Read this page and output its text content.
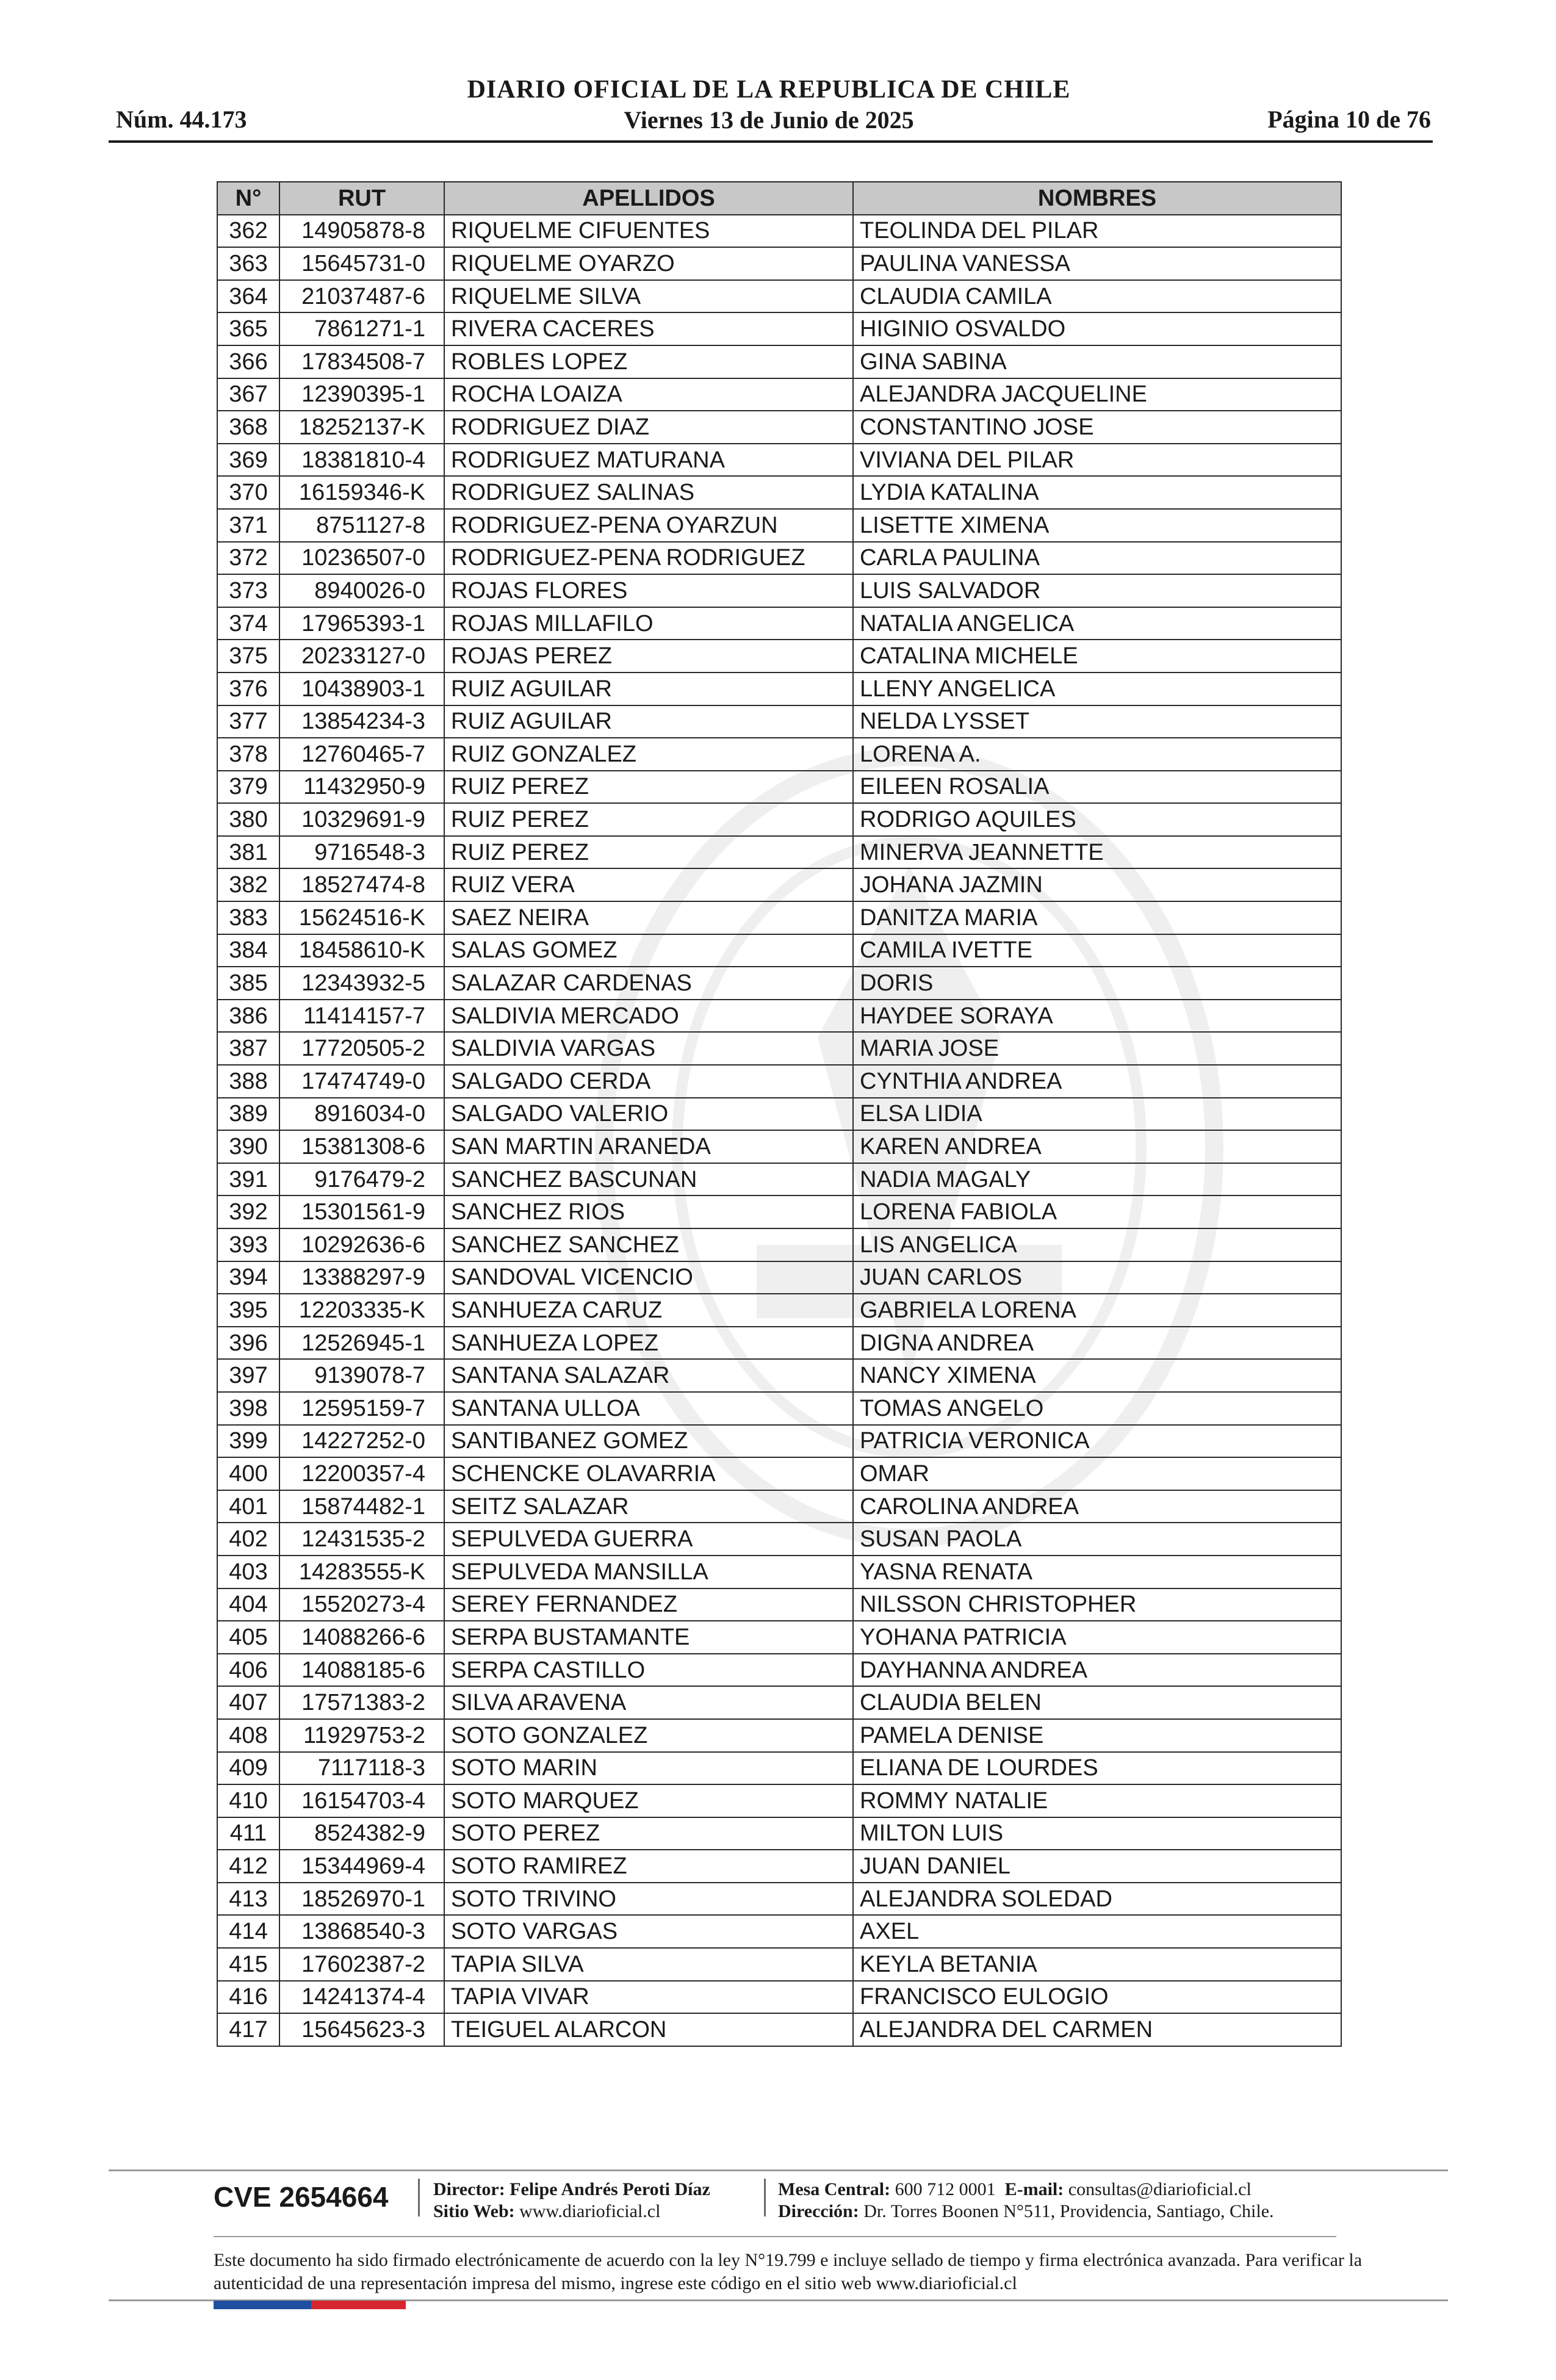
Núm. 44.173
DIARIO OFICIAL DE LA REPUBLICA DE CHILE
Viernes 13 de Junio de 2025	Página 10 de 76
N°	RUT	APELLIDOS	NOMBRES
362	14905878-8	RIQUELME CIFUENTES	TEOLINDA DEL PILAR
363	15645731-0	RIQUELME OYARZO	PAULINA VANESSA
364	21037487-6	RIQUELME SILVA	CLAUDIA CAMILA
365	7861271-1	RIVERA CACERES	HIGINIO OSVALDO
366	17834508-7	ROBLES LOPEZ	GINA SABINA
367	12390395-1	ROCHA LOAIZA	ALEJANDRA JACQUELINE
368	18252137-K	RODRIGUEZ DIAZ	CONSTANTINO JOSE
369	18381810-4	RODRIGUEZ MATURANA	VIVIANA DEL PILAR
370	16159346-K	RODRIGUEZ SALINAS	LYDIA KATALINA
371	8751127-8	RODRIGUEZ-PENA OYARZUN	LISETTE XIMENA
372	10236507-0	RODRIGUEZ-PENA RODRIGUEZ	CARLA PAULINA
373	8940026-0	ROJAS FLORES	LUIS SALVADOR
374	17965393-1	ROJAS MILLAFILO	NATALIA ANGELICA
375	20233127-0	ROJAS PEREZ	CATALINA MICHELE
376	10438903-1	RUIZ AGUILAR	LLENY ANGELICA
377	13854234-3	RUIZ AGUILAR	NELDA LYSSET
378	12760465-7	RUIZ GONZALEZ	LORENA A.
379	11432950-9	RUIZ PEREZ	EILEEN ROSALIA
380	10329691-9	RUIZ PEREZ	RODRIGO AQUILES
381	9716548-3	RUIZ PEREZ	MINERVA JEANNETTE
382	18527474-8	RUIZ VERA	JOHANA JAZMIN
383	15624516-K	SAEZ NEIRA	DANITZA MARIA
384	18458610-K	SALAS GOMEZ	CAMILA IVETTE
385	12343932-5	SALAZAR CARDENAS	DORIS
386	11414157-7	SALDIVIA MERCADO	HAYDEE SORAYA
387	17720505-2	SALDIVIA VARGAS	MARIA JOSE
388	17474749-0	SALGADO CERDA	CYNTHIA ANDREA
389	8916034-0	SALGADO VALERIO	ELSA LIDIA
390	15381308-6	SAN MARTIN ARANEDA	KAREN ANDREA
391	9176479-2	SANCHEZ BASCUNAN	NADIA MAGALY
392	15301561-9	SANCHEZ RIOS	LORENA FABIOLA
393	10292636-6	SANCHEZ SANCHEZ	LIS ANGELICA
394	13388297-9	SANDOVAL VICENCIO	JUAN CARLOS
395	12203335-K	SANHUEZA CARUZ	GABRIELA LORENA
396	12526945-1	SANHUEZA LOPEZ	DIGNA ANDREA
397	9139078-7	SANTANA SALAZAR	NANCY XIMENA
398	12595159-7	SANTANA ULLOA	TOMAS ANGELO
399	14227252-0	SANTIBANEZ GOMEZ	PATRICIA VERONICA
400	12200357-4	SCHENCKE OLAVARRIA	OMAR
401	15874482-1	SEITZ SALAZAR	CAROLINA ANDREA
402	12431535-2	SEPULVEDA GUERRA	SUSAN PAOLA
403	14283555-K	SEPULVEDA MANSILLA	YASNA RENATA
404	15520273-4	SEREY FERNANDEZ	NILSSON CHRISTOPHER
405	14088266-6	SERPA BUSTAMANTE	YOHANA PATRICIA
406	14088185-6	SERPA CASTILLO	DAYHANNA ANDREA
407	17571383-2	SILVA ARAVENA	CLAUDIA BELEN
408	11929753-2	SOTO GONZALEZ	PAMELA DENISE
409	7117118-3	SOTO MARIN	ELIANA DE LOURDES
410	16154703-4	SOTO MARQUEZ	ROMMY NATALIE
411	8524382-9	SOTO PEREZ	MILTON LUIS
412	15344969-4	SOTO RAMIREZ	JUAN DANIEL
413	18526970-1	SOTO TRIVINO	ALEJANDRA SOLEDAD
414	13868540-3	SOTO VARGAS	AXEL
415	17602387-2	TAPIA SILVA	KEYLA BETANIA
416	14241374-4	TAPIA VIVAR	FRANCISCO EULOGIO
417	15645623-3	TEIGUEL ALARCON	ALEJANDRA DEL CARMEN
CVE 2654664 Director: Felipe Andrés Peroti Díaz
Sitio Web: www.diarioficial.cl
Mesa Central: 600 712 0001 E-mail: consultas@diarioficial.cl
Dirección: Dr. Torres Boonen N°511, Providencia, Santiago, Chile.
Este documento ha sido firmado electrónicamente de acuerdo con la ley N°19.799 e incluye sellado de tiempo y firma electrónica avanzada. Para verificar la autenticidad de una representación impresa del mismo, ingrese este código en el sitio web www.diarioficial.cl
